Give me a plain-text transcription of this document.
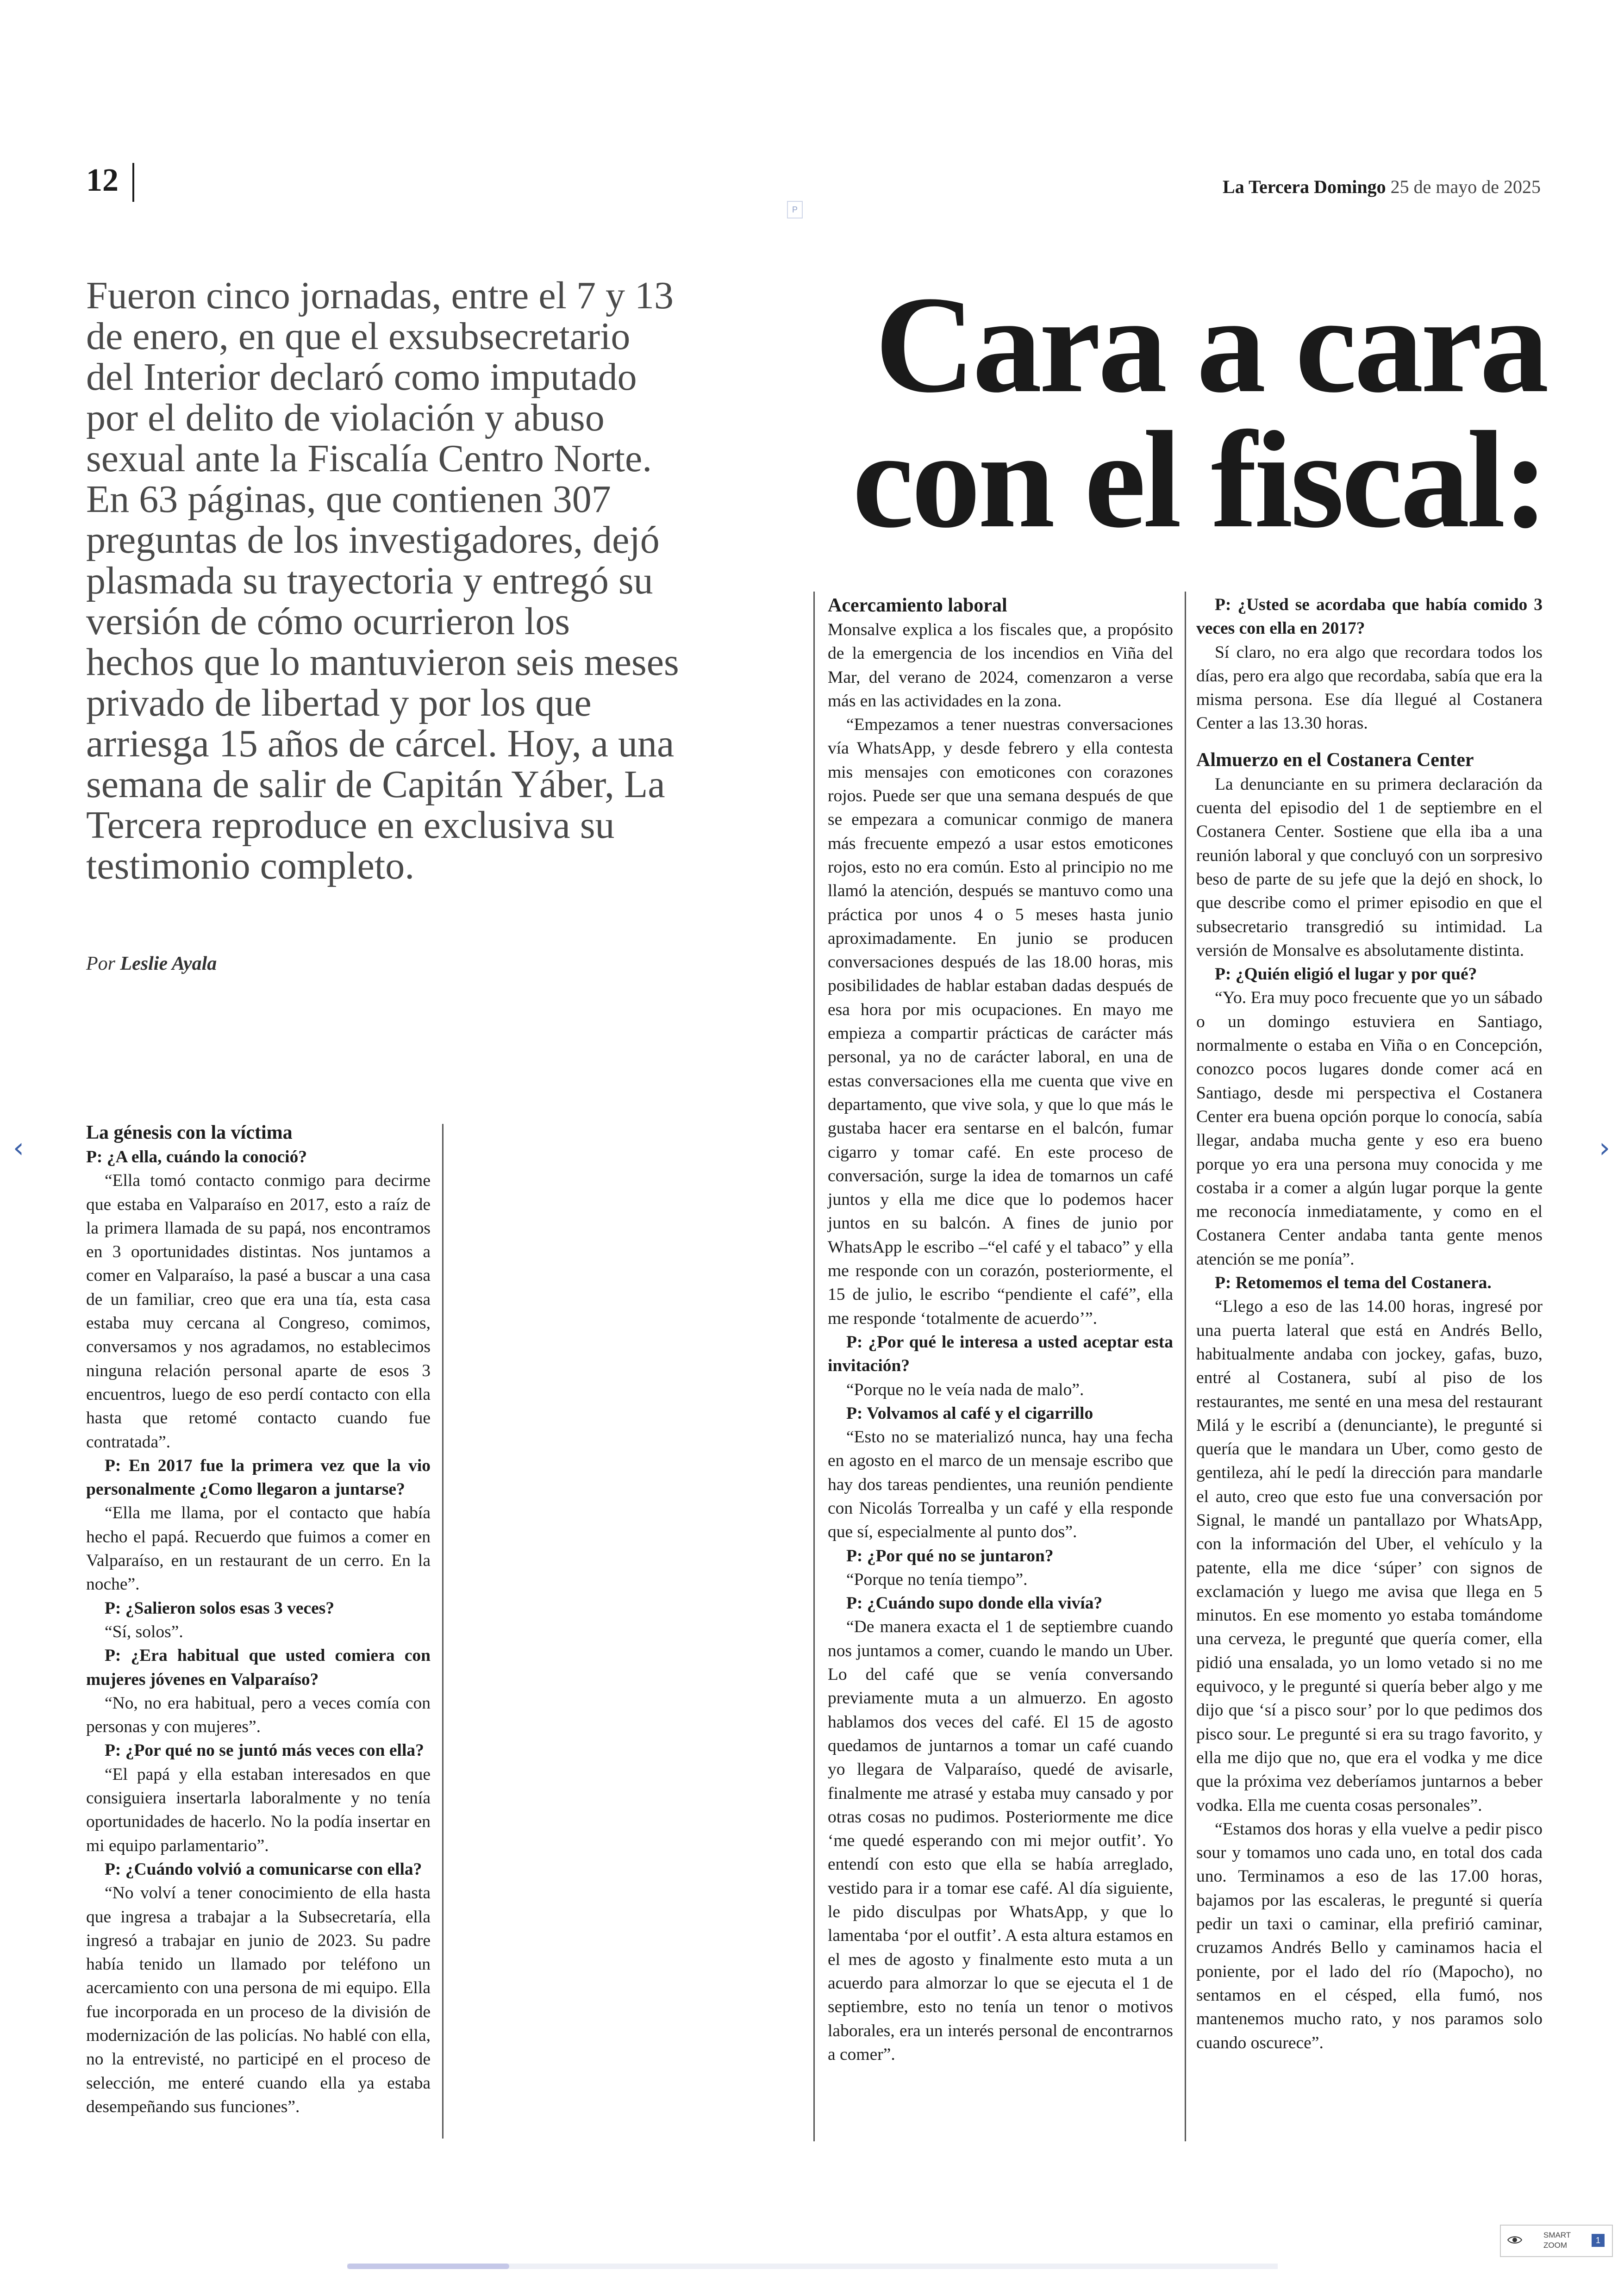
12	La Tercera Domingo 25 de mayo de 2025
P
Fueron cinco jornadas, entre el 7 y 13 de enero, en que el exsubsecretario del Interior declaró como imputado por el delito de violación y abuso sexual ante la Fiscalía Centro Norte. En 63 páginas, que contienen 307 preguntas de los investigadores, dejó plasmada su trayectoria y entregó su versión de cómo ocurrieron los hechos que lo mantuvieron seis meses privado de libertad y por los que arriesga 15 años de cárcel. Hoy, a una semana de salir de Capitán Yáber, La Tercera reproduce en exclusiva su testimonio completo.
Por Leslie Ayala
Cara a cara
con el fiscal:

La génesis con la víctima

P: ¿A ella, cuándo la conoció?

“Ella tomó contacto conmigo para decirme que estaba en Valparaíso en 2017, esto a raíz de la primera llamada de su papá, nos encontramos en 3 oportunidades distintas. Nos juntamos a comer en Valparaíso, la pasé a buscar a una casa de un familiar, creo que era una tía, esta casa estaba muy cercana al Congreso, comimos, conversamos y nos agradamos, no establecimos ninguna relación personal aparte de esos 3 encuentros, luego de eso perdí contacto con ella hasta que retomé contacto cuando fue contratada”.

P: En 2017 fue la primera vez que la vio personalmente ¿Como llegaron a juntarse?

“Ella me llama, por el contacto que había hecho el papá. Recuerdo que fuimos a comer en Valparaíso, en un restaurant de un cerro. En la noche”.

P: ¿Salieron solos esas 3 veces?

“Sí, solos”.

P: ¿Era habitual que usted comiera con mujeres jóvenes en Valparaíso?

“No, no era habitual, pero a veces comía con personas y con mujeres”.

P: ¿Por qué no se juntó más veces con ella?

“El papá y ella estaban interesados en que consiguiera insertarla laboralmente y no tenía oportunidades de hacerlo. No la podía insertar en mi equipo parlamentario”.

P: ¿Cuándo volvió a comunicarse con ella?

“No volví a tener conocimiento de ella hasta que ingresa a trabajar a la Subsecretaría, ella ingresó a trabajar en junio de 2023. Su padre había tenido un llamado por teléfono un acercamiento con una persona de mi equipo. Ella fue incorporada en un proceso de la división de modernización de las policías. No hablé con ella, no la entrevisté, no participé en el proceso de selección, me enteré cuando ella ya estaba desempeñando sus funciones”.

Acercamiento laboral

Monsalve explica a los fiscales que, a propósito de la emergencia de los incendios en Viña del Mar, del verano de 2024, comenzaron a verse más en las actividades en la zona.

“Empezamos a tener nuestras conversaciones vía WhatsApp, y desde febrero y ella contesta mis mensajes con emoticones con corazones rojos. Puede ser que una semana después de que se empezara a comunicar conmigo de manera más frecuente empezó a usar estos emoticones rojos, esto no era común. Esto al principio no me llamó la atención, después se mantuvo como una práctica por unos 4 o 5 meses hasta junio aproximadamente. En junio se producen conversaciones después de las 18.00 horas, mis posibilidades de hablar estaban dadas después de esa hora por mis ocupaciones. En mayo me empieza a compartir prácticas de carácter más personal, ya no de carácter laboral, en una de estas conversaciones ella me cuenta que vive en departamento, que vive sola, y que lo que más le gustaba hacer era sentarse en el balcón, fumar cigarro y tomar café. En este proceso de conversación, surge la idea de tomarnos un café juntos y ella me dice que lo podemos hacer juntos en su balcón. A fines de junio por WhatsApp le escribo –“el café y el tabaco” y ella me responde con un corazón, posteriormente, el 15 de julio, le escribo “pendiente el café”, ella me responde ‘totalmente de acuerdo’”.

P: ¿Por qué le interesa a usted aceptar esta invitación?

“Porque no le veía nada de malo”.

P: Volvamos al café y el cigarrillo

“Esto no se materializó nunca, hay una fecha en agosto en el marco de un mensaje escribo que hay dos tareas pendientes, una reunión pendiente con Nicolás Torrealba y un café y ella responde que sí, especialmente al punto dos”.

P: ¿Por qué no se juntaron?

“Porque no tenía tiempo”.

P: ¿Cuándo supo donde ella vivía?

“De manera exacta el 1 de septiembre cuando nos juntamos a comer, cuando le mando un Uber. Lo del café que se venía conversando previamente muta a un almuerzo. En agosto hablamos dos veces del café. El 15 de agosto quedamos de juntarnos a tomar un café cuando yo llegara de Valparaíso, quedé de avisarle, finalmente me atrasé y estaba muy cansado y por otras cosas no pudimos. Posteriormente me dice ‘me quedé esperando con mi mejor outfit’. Yo entendí con esto que ella se había arreglado, vestido para ir a tomar ese café. Al día siguiente, le pido disculpas por WhatsApp, y que lo lamentaba ‘por el outfit’. A esta altura estamos en el mes de agosto y finalmente esto muta a un acuerdo para almorzar lo que se ejecuta el 1 de septiembre, esto no tenía un tenor o motivos laborales, era un interés personal de encontrarnos a comer”.

P: ¿Usted se acordaba que había comido 3 veces con ella en 2017?

Sí claro, no era algo que recordara todos los días, pero era algo que recordaba, sabía que era la misma persona. Ese día llegué al Costanera Center a las 13.30 horas.

Almuerzo en el Costanera Center

La denunciante en su primera declaración da cuenta del episodio del 1 de septiembre en el Costanera Center. Sostiene que ella iba a una reunión laboral y que concluyó con un sorpresivo beso de parte de su jefe que la dejó en shock, lo que describe como el primer episodio en que el subsecretario transgredió su intimidad. La versión de Monsalve es absolutamente distinta.

P: ¿Quién eligió el lugar y por qué?

“Yo. Era muy poco frecuente que yo un sábado o un domingo estuviera en Santiago, normalmente o estaba en Viña o en Concepción, conozco pocos lugares donde comer acá en Santiago, desde mi perspectiva el Costanera Center era buena opción porque lo conocía, sabía llegar, andaba mucha gente y eso era bueno porque yo era una persona muy conocida y me costaba ir a comer a algún lugar porque la gente me reconocía inmediatamente, y como en el Costanera Center andaba tanta gente menos atención se me ponía”.

P: Retomemos el tema del Costanera.

“Llego a eso de las 14.00 horas, ingresé por una puerta lateral que está en Andrés Bello, habitualmente andaba con jockey, gafas, buzo, entré al Costanera, subí al piso de los restaurantes, me senté en una mesa del restaurant Milá y le escribí a (denunciante), le pregunté si quería que le mandara un Uber, como gesto de gentileza, ahí le pedí la dirección para mandarle el auto, creo que esto fue una conversación por Signal, le mandé un pantallazo por WhatsApp, con la información del Uber, el vehículo y la patente, ella me dice ‘súper’ con signos de exclamación y luego me avisa que llega en 5 minutos. En ese momento yo estaba tomándome una cerveza, le pregunté que quería comer, ella pidió una ensalada, yo un lomo vetado si no me equivoco, y le pregunté si quería beber algo y me dijo que ‘sí a pisco sour’ por lo que pedimos dos pisco sour. Le pregunté si era su trago favorito, y ella me dijo que no, que era el vodka y me dice que la próxima vez deberíamos juntarnos a beber vodka. Ella me cuenta cosas personales”.

“Estamos dos horas y ella vuelve a pedir pisco sour y tomamos uno cada uno, en total dos cada uno. Terminamos a eso de las 17.00 horas, bajamos por las escaleras, le pregunté si quería pedir un taxi o caminar, ella prefirió caminar, cruzamos Andrés Bello y caminamos hacia el poniente, por el lado del río (Mapocho), no sentamos en el césped, ella fumó, nos mantenemos mucho rato, y nos paramos solo cuando oscurece”.

‹	›
SMART
ZOOM
1
